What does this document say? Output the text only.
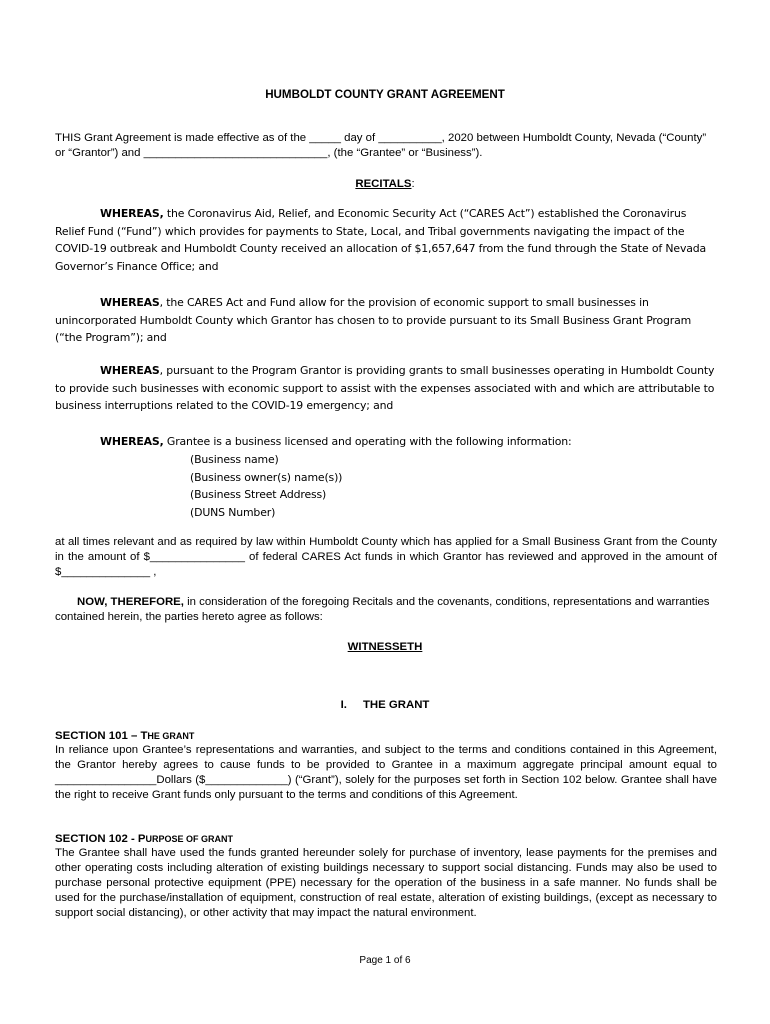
HUMBOLDT COUNTY GRANT AGREEMENT

THIS Grant Agreement is made effective as of the _____ day of __________, 2020 between Humboldt County, Nevada (“County” or “Grantor”) and _____________________________, (the “Grantee” or “Business”).

RECITALS:

WHEREAS, the Coronavirus Aid, Relief, and Economic Security Act (“CARES Act”) established the Coronavirus Relief Fund (“Fund”) which provides for payments to State, Local, and Tribal governments navigating the impact of the COVID-19 outbreak and Humboldt County received an allocation of $1,657,647 from the fund through the State of Nevada Governor’s Finance Office; and

WHEREAS, the CARES Act and Fund allow for the provision of economic support to small businesses in unincorporated Humboldt County which Grantor has chosen to to provide pursuant to its Small Business Grant Program (“the Program”); and

WHEREAS, pursuant to the Program Grantor is providing grants to small businesses operating in Humboldt County to provide such businesses with economic support to assist with the expenses associated with and which are attributable to business interruptions related to the COVID-19 emergency; and

WHEREAS, Grantee is a business licensed and operating with the following information:

(Business name)
(Business owner(s) name(s))
(Business Street Address)
(DUNS Number)

at all times relevant and as required by law within Humboldt County which has applied for a Small Business Grant from the County in the amount of $_______________ of federal CARES Act funds in which Grantor has reviewed and approved in the amount of $______________ ,

NOW, THEREFORE, in consideration of the foregoing Recitals and the covenants, conditions, representations and warranties contained herein, the parties hereto agree as follows:

WITNESSETH
I. THE GRANT
SECTION 101 – THE GRANT

In reliance upon Grantee’s representations and warranties, and subject to the terms and conditions contained in this Agreement, the Grantor hereby agrees to cause funds to be provided to Grantee in a maximum aggregate principal amount equal to ________________Dollars ($_____________) (“Grant”), solely for the purposes set forth in Section 102 below. Grantee shall have the right to receive Grant funds only pursuant to the terms and conditions of this Agreement.

SECTION 102 - PURPOSE OF GRANT

The Grantee shall have used the funds granted hereunder solely for purchase of inventory, lease payments for the premises and other operating costs including alteration of existing buildings necessary to support social distancing. Funds may also be used to purchase personal protective equipment (PPE) necessary for the operation of the business in a safe manner. No funds shall be used for the purchase/installation of equipment, construction of real estate, alteration of existing buildings, (except as necessary to support social distancing), or other activity that may impact the natural environment.

Page 1 of 6
